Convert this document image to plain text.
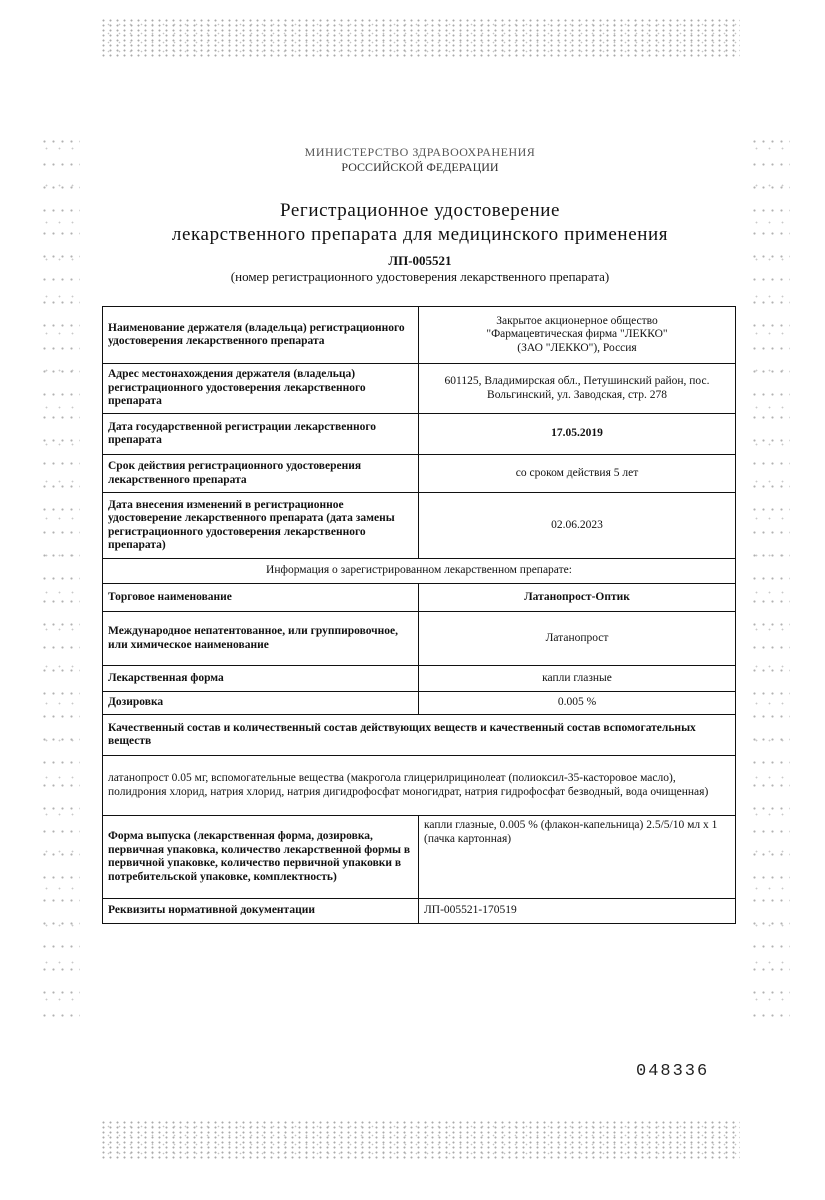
МИНИСТЕРСТВО ЗДРАВООХРАНЕНИЯ
РОССИЙСКОЙ ФЕДЕРАЦИИ
Регистрационное удостоверение
лекарственного препарата для медицинского применения
ЛП-005521
(номер регистрационного удостоверения лекарственного препарата)
Наименование держателя (владельца) регистрационного удостоверения лекарственного препарата	Закрытое акционерное общество
"Фармацевтическая фирма "ЛЕККО"
(ЗАО "ЛЕККО"), Россия

Адрес местонахождения держателя (владельца) регистрационного удостоверения лекарственного препарата	601125, Владимирская обл., Петушинский район, пос. Вольгинский, ул. Заводская, стр. 278
Дата государственной регистрации лекарственного препарата	17.05.2019
Срок действия регистрационного удостоверения лекарственного препарата	со сроком действия 5 лет
Дата внесения изменений в регистрационное удостоверение лекарственного препарата (дата замены регистрационного удостоверения лекарственного препарата)	02.06.2023
Информация о зарегистрированном лекарственном препарате:	
Торговое наименование	Латанопрост-Оптик
Международное непатентованное, или группировочное, или химическое наименование	Латанопрост
Лекарственная форма	капли глазные
Дозировка	0.005 %
Качественный состав и количественный состав действующих веществ и качественный состав вспомогательных веществ	
латанопрост 0.05 мг, вспомогательные вещества (макрогола глицерилрицинолеат (полиоксил-35-касторовое масло), полидрония хлорид, натрия хлорид, натрия дигидрофосфат моногидрат, натрия гидрофосфат безводный, вода очищенная)	
Форма выпуска (лекарственная форма, дозировка, первичная упаковка, количество лекарственной формы в первичной упаковке, количество первичной упаковки в потребительской упаковке, комплектность)	капли глазные, 0.005 % (флакон-капельница) 2.5/5/10 мл х 1 (пачка картонная)
Реквизиты нормативной документации	ЛП-005521-170519
048336
